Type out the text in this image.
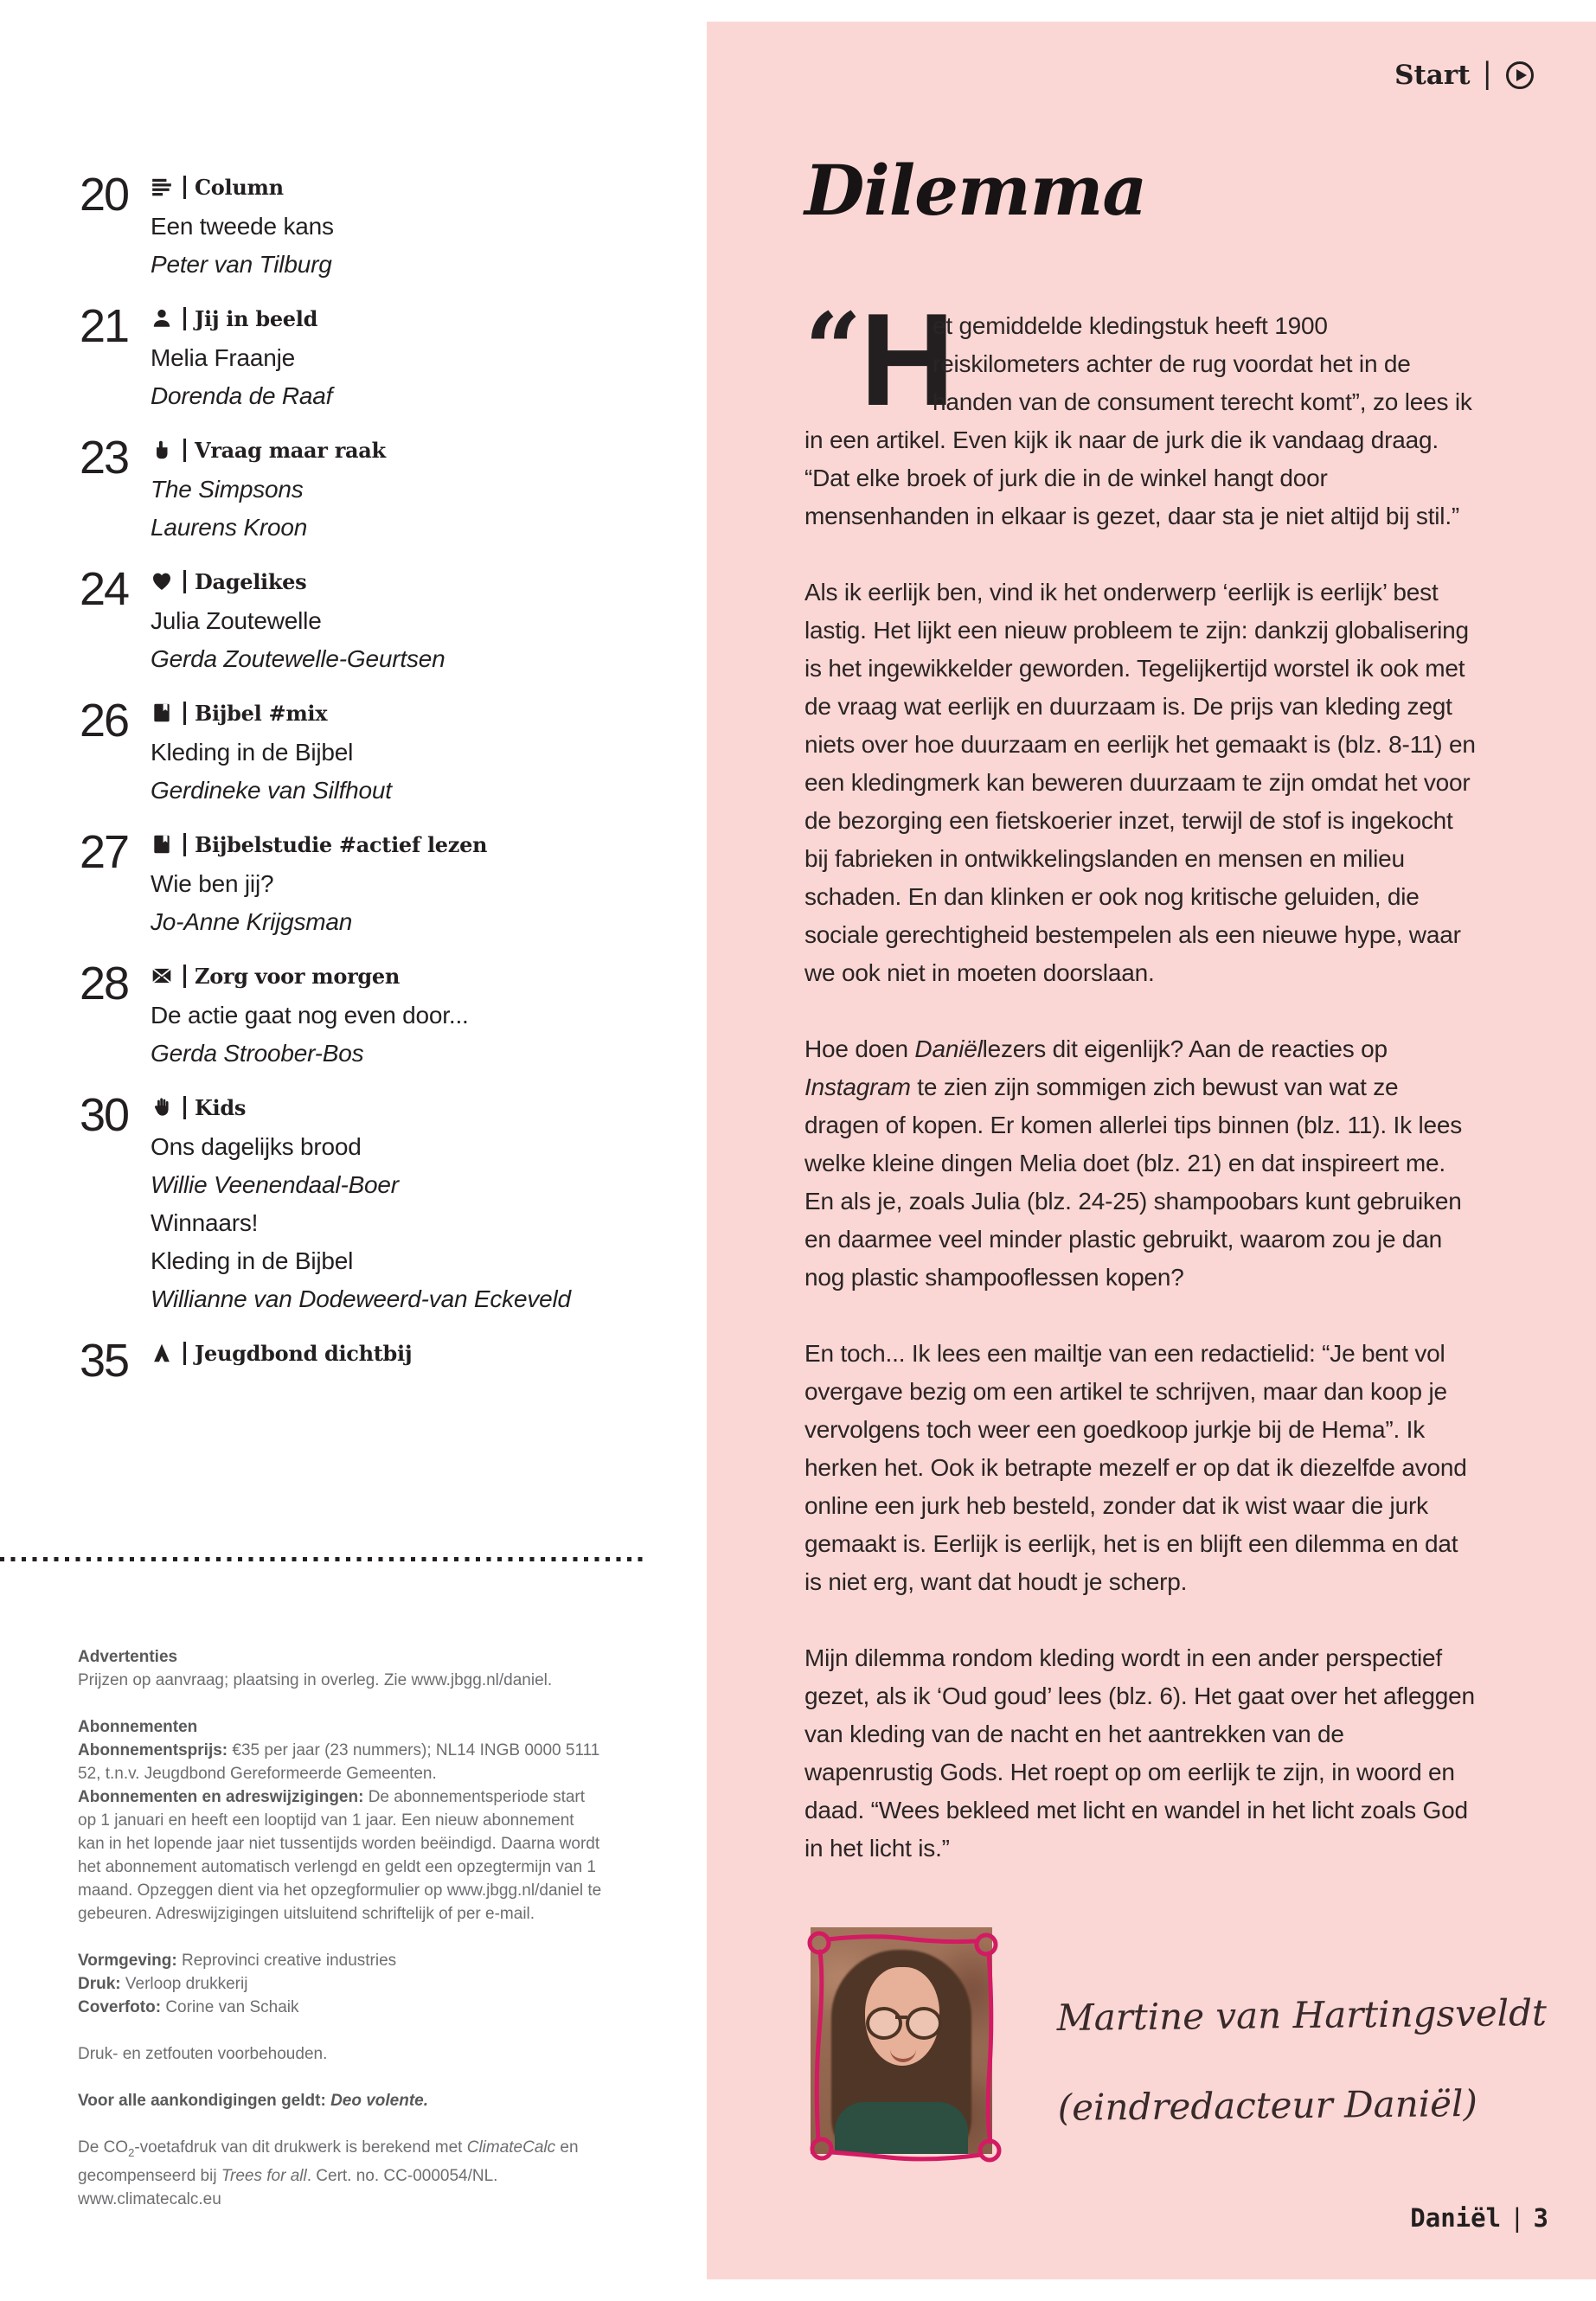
20	Column
Een tweede kans
Peter van Tilburg
21	Jij in beeld
Melia Fraanje
Dorenda de Raaf
23	Vraag maar raak
The Simpsons
Laurens Kroon
24	Dagelikes
Julia Zoutewelle
Gerda Zoutewelle-Geurtsen
26	Bijbel #mix
Kleding in de Bijbel
Gerdineke van Silfhout
27	Bijbelstudie #actief lezen
Wie ben jij?
Jo-Anne Krijgsman
28	Zorg voor morgen
De actie gaat nog even door...
Gerda Stroober-Bos
30	Kids
Ons dagelijks brood
Willie Veenendaal-Boer
Winnaars!
Kleding in de Bijbel
Willianne van Dodeweerd-van Eckeveld
35	Jeugdbond dichtbij

Advertenties

Prijzen op aanvraag; plaatsing in overleg. Zie www.jbgg.nl/daniel.

Abonnementen

Abonnementsprijs: €35 per jaar (23 nummers); NL14 INGB 0000 5111 52, t.n.v. Jeugdbond Gereformeerde Gemeenten.

Abonnementen en adreswijzigingen: De abonnementsperiode start op 1 januari en heeft een looptijd van 1 jaar. Een nieuw abonnement kan in het lopende jaar niet tussentijds worden beëindigd. Daarna wordt het abonnement automatisch verlengd en geldt een opzegtermijn van 1 maand. Opzeggen dient via het opzegformulier op www.jbgg.nl/daniel te gebeuren. Adreswijzigingen uitsluitend schriftelijk of per e-mail.

Vormgeving: Reprovinci creative industries

Druk: Verloop drukkerij

Coverfoto: Corine van Schaik

Druk- en zetfouten voorbehouden.

Voor alle aankondigingen geldt: Deo volente.

De $CO_2$-voetafdruk van dit drukwerk is berekend met ClimateCalc en gecompenseerd bij Trees for all. Cert. no. CC-000054/NL. www.climatecalc.eu

Start |
Dilemma

“
H
et gemiddelde kledingstuk heeft 1900 reiskilometers achter de rug voordat het in de handen van de consument terecht komt”, zo lees ik in een artikel. Even kijk ik naar de jurk die ik vandaag draag. “Dat elke broek of jurk die in de winkel hangt door mensenhanden in elkaar is gezet, daar sta je niet altijd bij stil.”

Als ik eerlijk ben, vind ik het onderwerp ‘eerlijk is eerlijk’ best lastig. Het lijkt een nieuw probleem te zijn: dankzij globalisering is het ingewikkelder geworden. Tegelijkertijd worstel ik ook met de vraag wat eerlijk en duurzaam is. De prijs van kleding zegt niets over hoe duurzaam en eerlijk het gemaakt is (blz. 8-11) en een kledingmerk kan beweren duurzaam te zijn omdat het voor de bezorging een fietskoerier inzet, terwijl de stof is ingekocht bij fabrieken in ontwikkelingslanden en mensen en milieu schaden. En dan klinken er ook nog kritische geluiden, die sociale gerechtigheid bestempelen als een nieuwe hype, waar we ook niet in moeten doorslaan.

Hoe doen Daniëllezers dit eigenlijk? Aan de reacties op Instagram te zien zijn sommigen zich bewust van wat ze dragen of kopen. Er komen allerlei tips binnen (blz. 11). Ik lees welke kleine dingen Melia doet (blz. 21) en dat inspireert me. En als je, zoals Julia (blz. 24-25) shampoobars kunt gebruiken en daarmee veel minder plastic gebruikt, waarom zou je dan nog plastic shampooflessen kopen?

En toch... Ik lees een mailtje van een redactielid: “Je bent vol overgave bezig om een artikel te schrijven, maar dan koop je vervolgens toch weer een goedkoop jurkje bij de Hema”. Ik herken het. Ook ik betrapte mezelf er op dat ik diezelfde avond online een jurk heb besteld, zonder dat ik wist waar die jurk gemaakt is. Eerlijk is eerlijk, het is en blijft een dilemma en dat is niet erg, want dat houdt je scherp.

Mijn dilemma rondom kleding wordt in een ander perspectief gezet, als ik ‘Oud goud’ lees (blz. 6). Het gaat over het afleggen van kleding van de nacht en het aantrekken van de wapenrustig Gods. Het roept op om eerlijk te zijn, in woord en daad. “Wees bekleed met licht en wandel in het licht zoals God in het licht is.”

Martine van Hartingsveldt
(eindredacteur Daniël)
Daniël | 3
